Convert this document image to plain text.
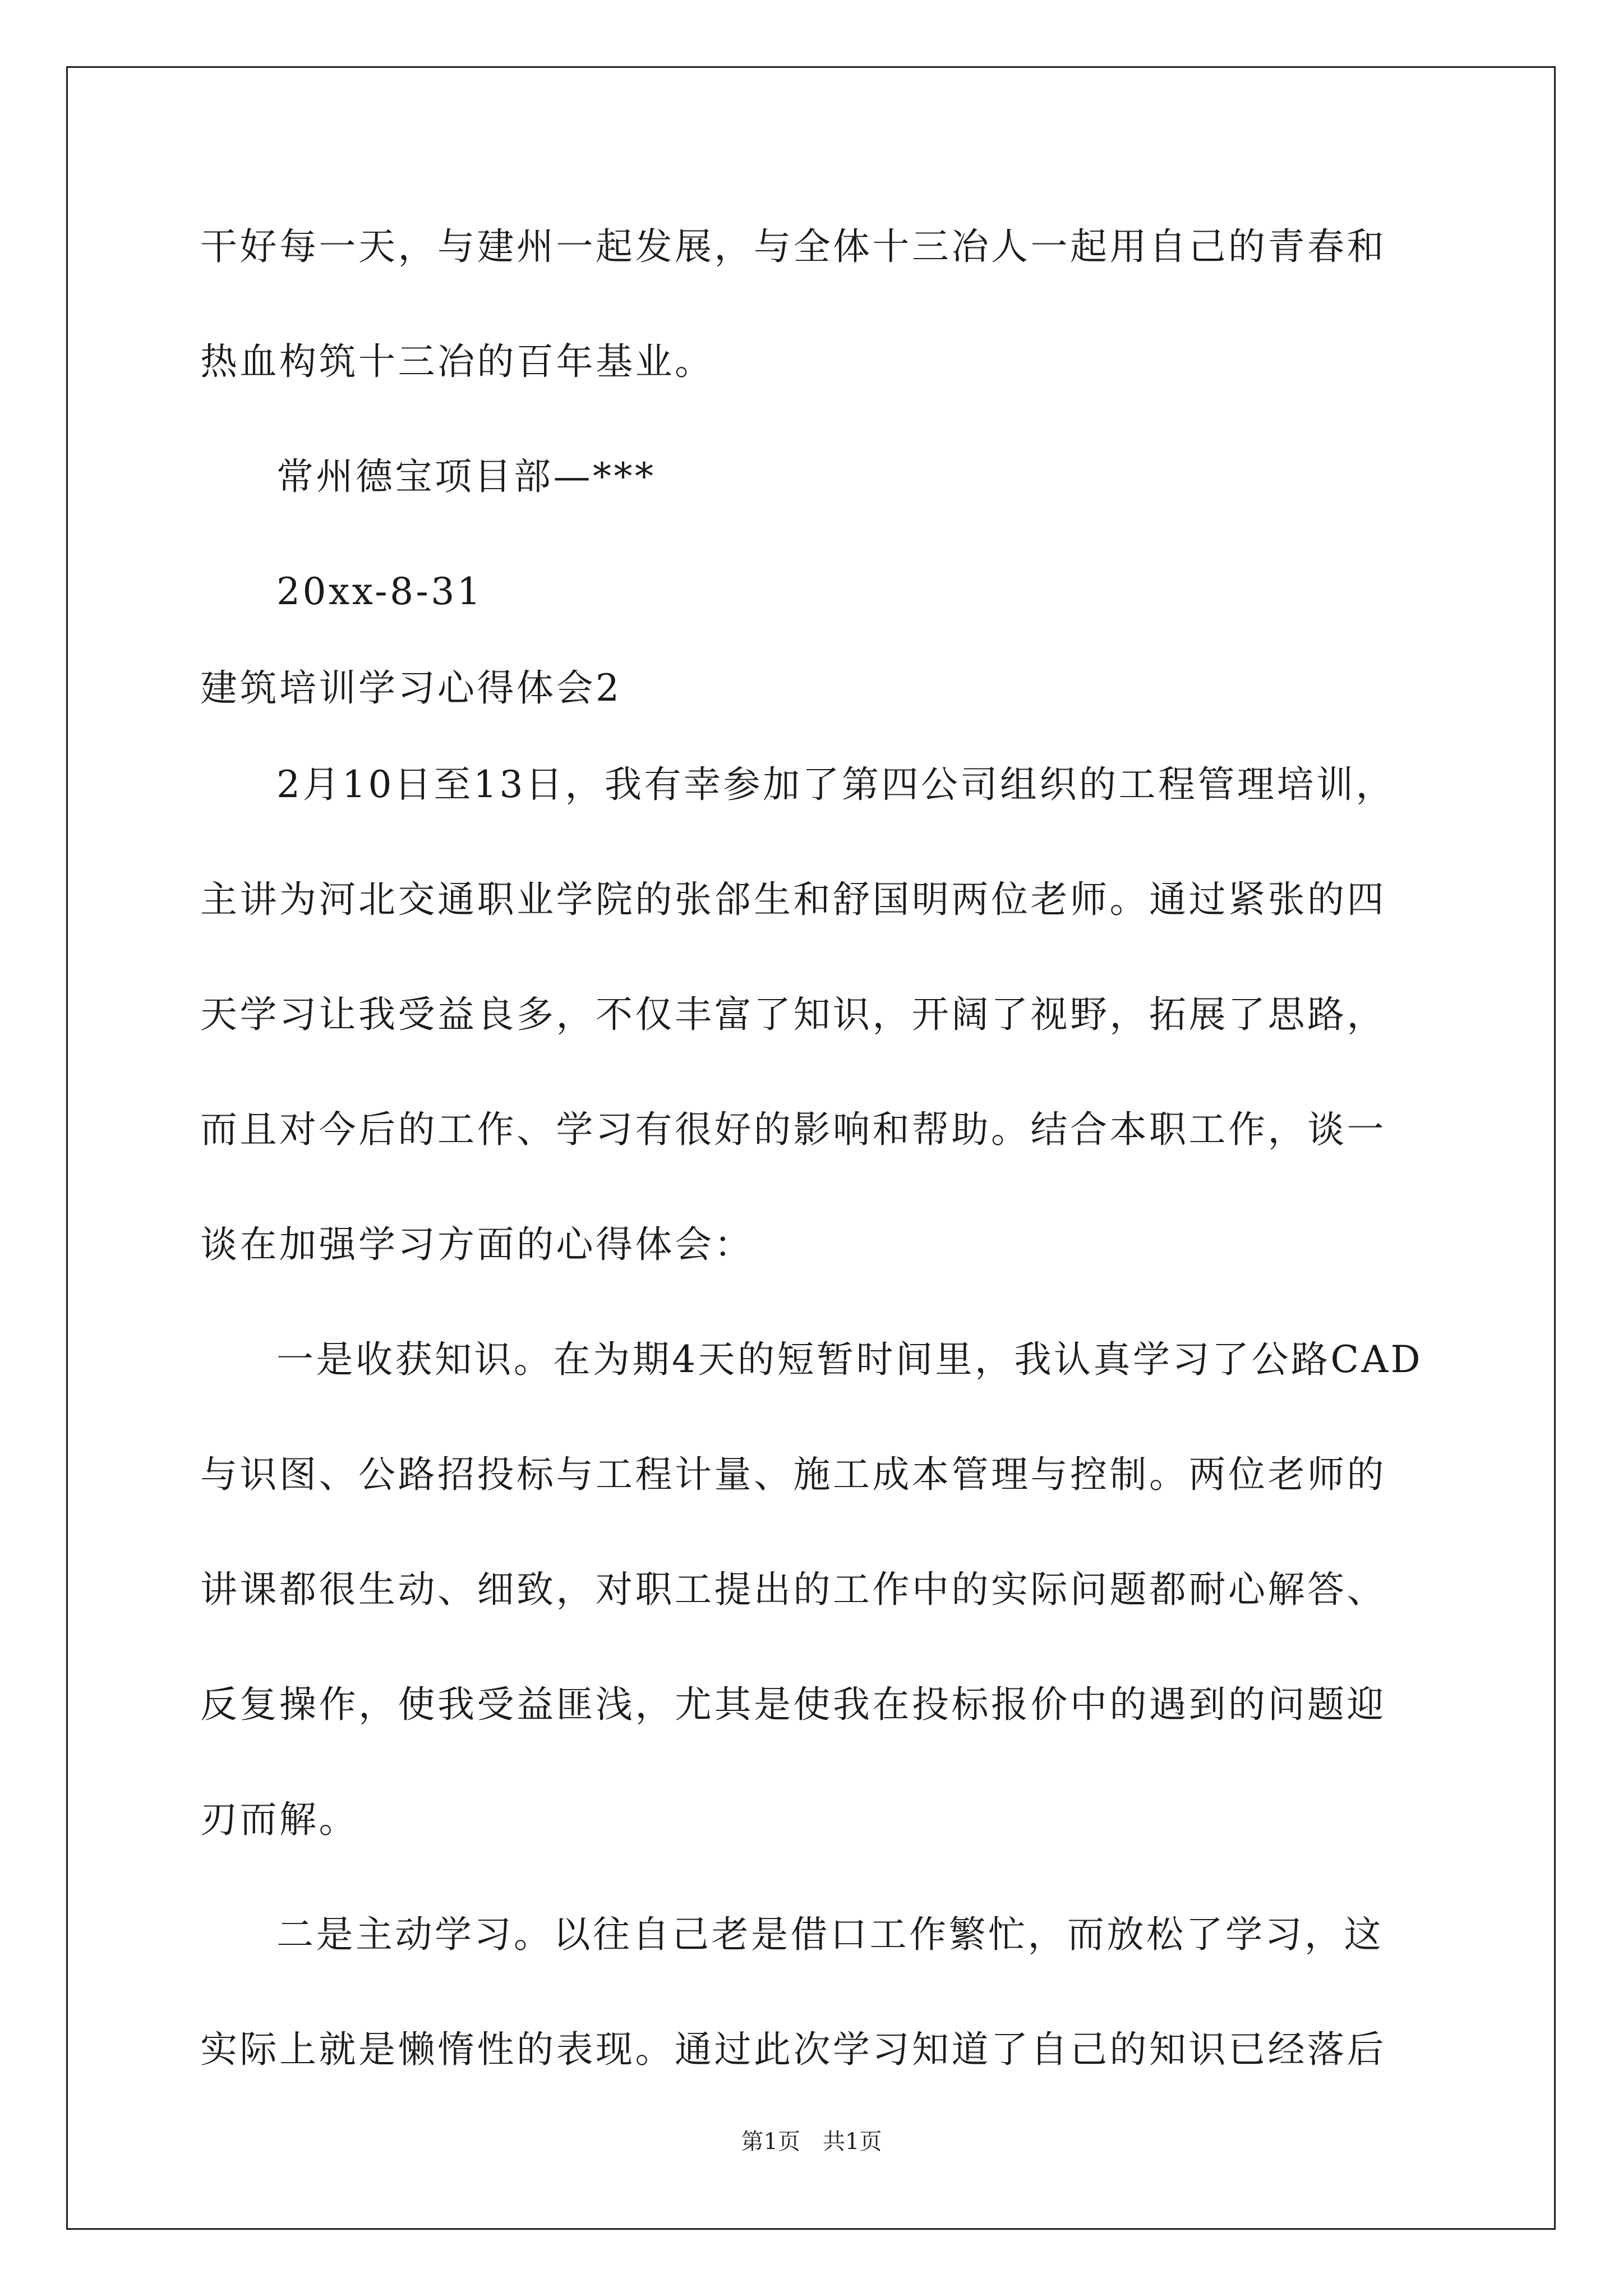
干好每一天，与建州一起发展，与全体十三冶人一起用自己的青春和
热血构筑十三冶的百年基业。
常州德宝项目部—***
20xx-8-31
建筑培训学习心得体会2
2月10日至13日，我有幸参加了第四公司组织的工程管理培训，
主讲为河北交通职业学院的张郃生和舒国明两位老师。通过紧张的四
天学习让我受益良多，不仅丰富了知识，开阔了视野，拓展了思路，
而且对今后的工作、学习有很好的影响和帮助。结合本职工作，谈一
谈在加强学习方面的心得体会：
一是收获知识。在为期4天的短暂时间里，我认真学习了公路CAD
与识图、公路招投标与工程计量、施工成本管理与控制。两位老师的
讲课都很生动、细致，对职工提出的工作中的实际问题都耐心解答、
反复操作，使我受益匪浅，尤其是使我在投标报价中的遇到的问题迎
刃而解。
二是主动学习。以往自己老是借口工作繁忙，而放松了学习，这
实际上就是懒惰性的表现。通过此次学习知道了自己的知识已经落后
第1页　共1页
